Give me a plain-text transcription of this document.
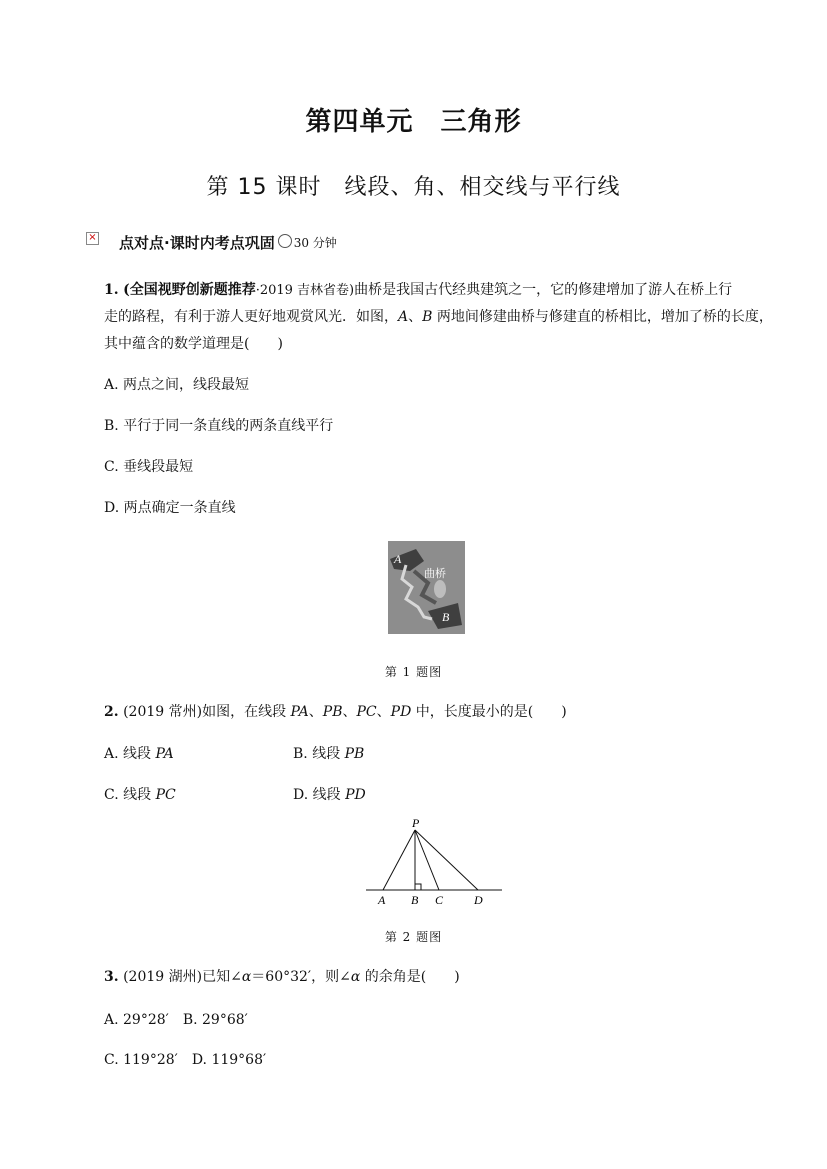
第四单元　三角形
第 15 课时　线段、角、相交线与平行线
× 点对点·课时内考点巩固 30 分钟
1. (全国视野创新题推荐·2019 吉林省卷)曲桥是我国古代经典建筑之一，它的修建增加了游人在桥上行
走的路程，有利于游人更好地观赏风光．如图，A、B 两地间修建曲桥与修建直的桥相比，增加了桥的长度，
其中蕴含的数学道理是(　　)
A. 两点之间，线段最短
B. 平行于同一条直线的两条直线平行
C. 垂线段最短
D. 两点确定一条直线
A
曲桥
B
第 1 题图
2. (2019 常州)如图，在线段 PA、PB、PC、PD 中，长度最小的是(　　)
A. 线段 PA	B. 线段 PB
C. 线段 PC	D. 线段 PD
P
A B C	D
第 2 题图
3. (2019 湖州)已知∠α＝60°32′，则∠α 的余角是(　　)
A. 29°28′　B. 29°68′
C. 119°28′　D. 119°68′
